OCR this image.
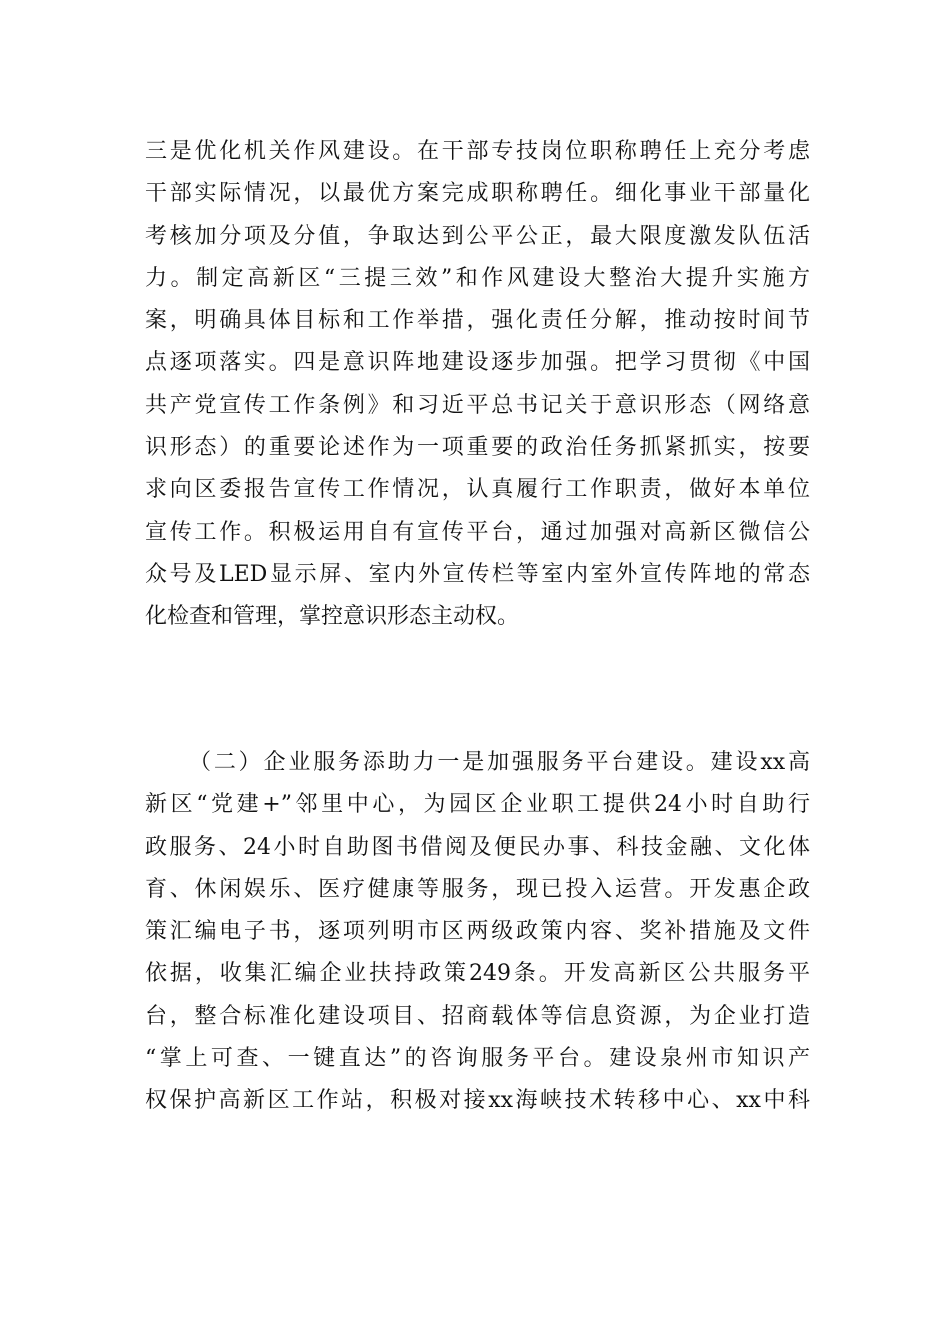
三是优化机关作风建设。在干部专技岗位职称聘任上充分考虑
干部实际情况，以最优方案完成职称聘任。细化事业干部量化
考核加分项及分值，争取达到公平公正，最大限度激发队伍活
力。制定高新区“三提三效”和作风建设大整治大提升实施方
案，明确具体目标和工作举措，强化责任分解，推动按时间节
点逐项落实。四是意识阵地建设逐步加强。把学习贯彻《中国
共产党宣传工作条例》和习近平总书记关于意识形态（网络意
识形态）的重要论述作为一项重要的政治任务抓紧抓实，按要
求向区委报告宣传工作情况，认真履行工作职责，做好本单位
宣传工作。积极运用自有宣传平台，通过加强对高新区微信公
众号及LED显示屏、室内外宣传栏等室内室外宣传阵地的常态
化检查和管理，掌控意识形态主动权。
（二）企业服务添助力一是加强服务平台建设。建设xx高
新区“党建+”邻里中心，为园区企业职工提供24小时自助行
政服务、24小时自助图书借阅及便民办事、科技金融、文化体
育、休闲娱乐、医疗健康等服务，现已投入运营。开发惠企政
策汇编电子书，逐项列明市区两级政策内容、奖补措施及文件
依据，收集汇编企业扶持政策249条。开发高新区公共服务平
台，整合标准化建设项目、招商载体等信息资源，为企业打造
“掌上可查、一键直达”的咨询服务平台。建设泉州市知识产
权保护高新区工作站，积极对接xx海峡技术转移中心、xx中科
